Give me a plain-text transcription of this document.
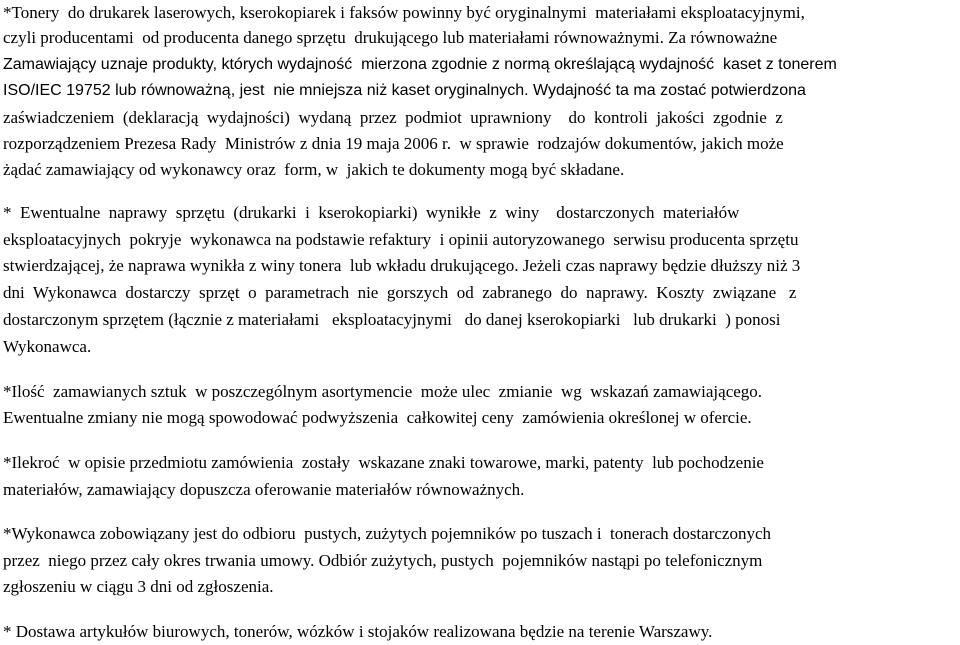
*Tonery  do drukarek laserowych, kserokopiarek i faksów powinny być oryginalnymi  materiałami eksploatacyjnymi,
czyli producentami  od producenta danego sprzętu  drukującego lub materiałami równoważnymi. Za równoważne
Zamawiający uznaje produkty, których wydajność  mierzona zgodnie z normą określającą wydajność  kaset z tonerem
ISO/IEC 19752 lub równoważną, jest  nie mniejsza niż kaset oryginalnych. Wydajność ta ma zostać potwierdzona
zaświadczeniem  (deklaracją  wydajności)  wydaną  przez  podmiot  uprawniony    do  kontroli  jakości  zgodnie  z
rozporządzeniem Prezesa Rady  Ministrów z dnia 19 maja 2006 r.  w sprawie  rodzajów dokumentów, jakich może
żądać zamawiający od wykonawcy oraz  form, w  jakich te dokumenty mogą być składane.
*  Ewentualne  naprawy  sprzętu  (drukarki  i  kserokopiarki)  wynikłe  z  winy    dostarczonych  materiałów
eksploatacyjnych  pokryje  wykonawca na podstawie refaktury  i opinii autoryzowanego  serwisu producenta sprzętu
stwierdzającej, że naprawa wynikła z winy tonera  lub wkładu drukującego. Jeżeli czas naprawy będzie dłuższy niż 3
dni  Wykonawca  dostarczy  sprzęt  o  parametrach  nie  gorszych  od  zabranego  do  naprawy.  Koszty  związane   z
dostarczonym sprzętem (łącznie z materiałami   eksploatacyjnymi   do danej kserokopiarki   lub drukarki  ) ponosi
Wykonawca.
*Ilość  zamawianych sztuk  w poszczególnym asortymencie  może ulec  zmianie  wg  wskazań zamawiającego.
Ewentualne zmiany nie mogą spowodować podwyższenia  całkowitej ceny  zamówienia określonej w ofercie.
*Ilekroć  w opisie przedmiotu zamówienia  zostały  wskazane znaki towarowe, marki, patenty  lub pochodzenie
materiałów, zamawiający dopuszcza oferowanie materiałów równoważnych.
*Wykonawca zobowiązany jest do odbioru  pustych, zużytych pojemników po tuszach i  tonerach dostarczonych
przez  niego przez cały okres trwania umowy. Odbiór zużytych, pustych  pojemników nastąpi po telefonicznym
zgłoszeniu w ciągu 3 dni od zgłoszenia.
* Dostawa artykułów biurowych, tonerów, wózków i stojaków realizowana będzie na terenie Warszawy.
